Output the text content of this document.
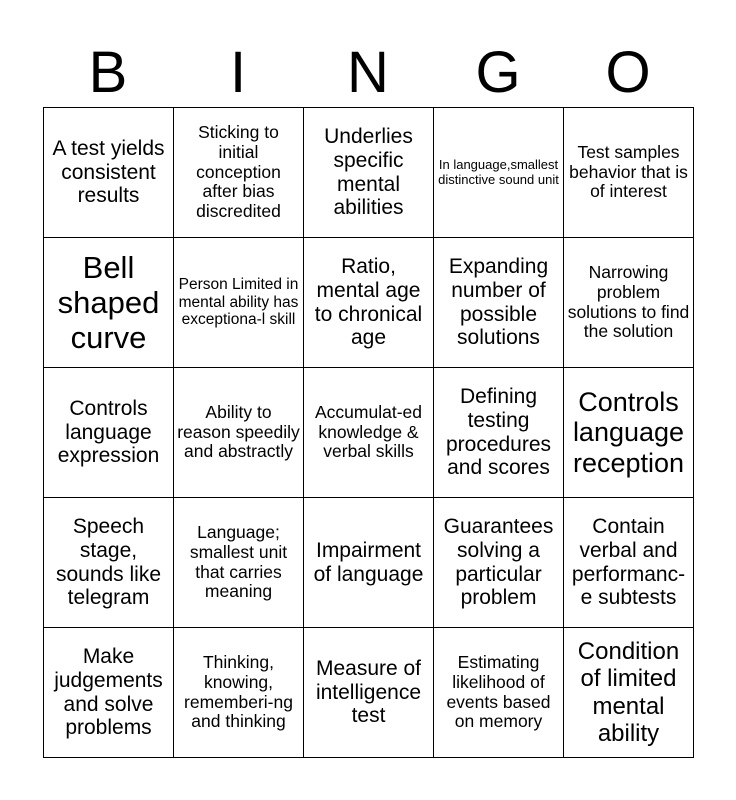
B	I	N	G	O
A test yields consistent results	Sticking to initial conception after bias discredited	Underlies specific mental abilities	In language,smallest distinctive sound unit	Test samples behavior that is of interest
Bell shaped curve	Person Limited in mental ability has exceptiona-l skill	Ratio, mental age to chronical age	Expanding number of possible solutions	Narrowing problem solutions to find the solution
Controls language expression	Ability to reason speedily and abstractly	Accumulat-ed knowledge & verbal skills	Defining testing procedures and scores	Controls language reception
Speech stage, sounds like telegram	Language; smallest unit that carries meaning	Impairment of language	Guarantees solving a particular problem	Contain verbal and performanc-e subtests
Make judgements and solve problems	Thinking, knowing, rememberi-ng and thinking	Measure of intelligence test	Estimating likelihood of events based on memory	Condition of limited mental ability
